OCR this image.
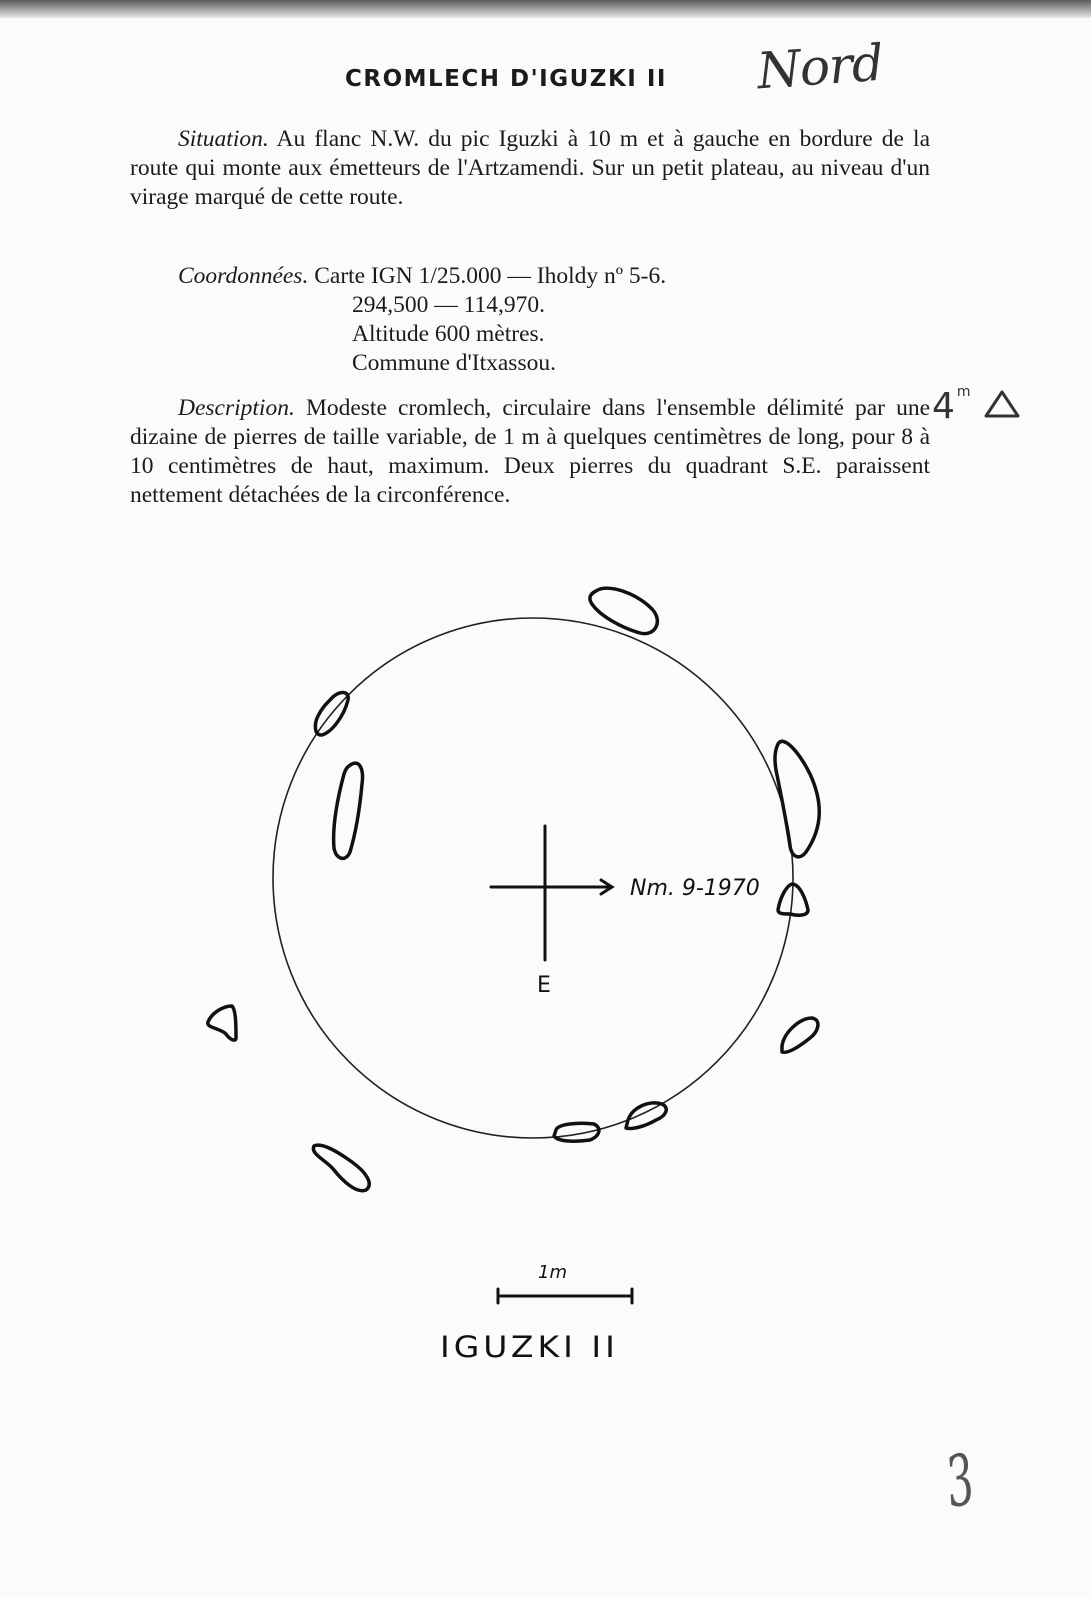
CROMLECH D'IGUZKI II Nord

Situation. Au flanc N.W. du pic Iguzki à 10 m et à gauche en bordure de la route qui monte aux émetteurs de l'Artzamendi. Sur un petit plateau, au niveau d'un virage marqué de cette route.

Coordonnées. Carte IGN 1/25.000 — Iholdy nº 5-6.
294,500 — 114,970.
Altitude 600 mètres.
Commune d'Itxassou.

Description. Modeste cromlech, circulaire dans l'ensemble délimité par une dizaine de pierres de taille variable, de 1 m à quelques centimètres de long, pour 8 à 10 centimètres de haut, maximum. Deux pierres du quadrant S.E. paraissent nettement détachées de la circonférence.

4 $^m$
Nm. 9-1970
E
1m
IGUZKI II
3
